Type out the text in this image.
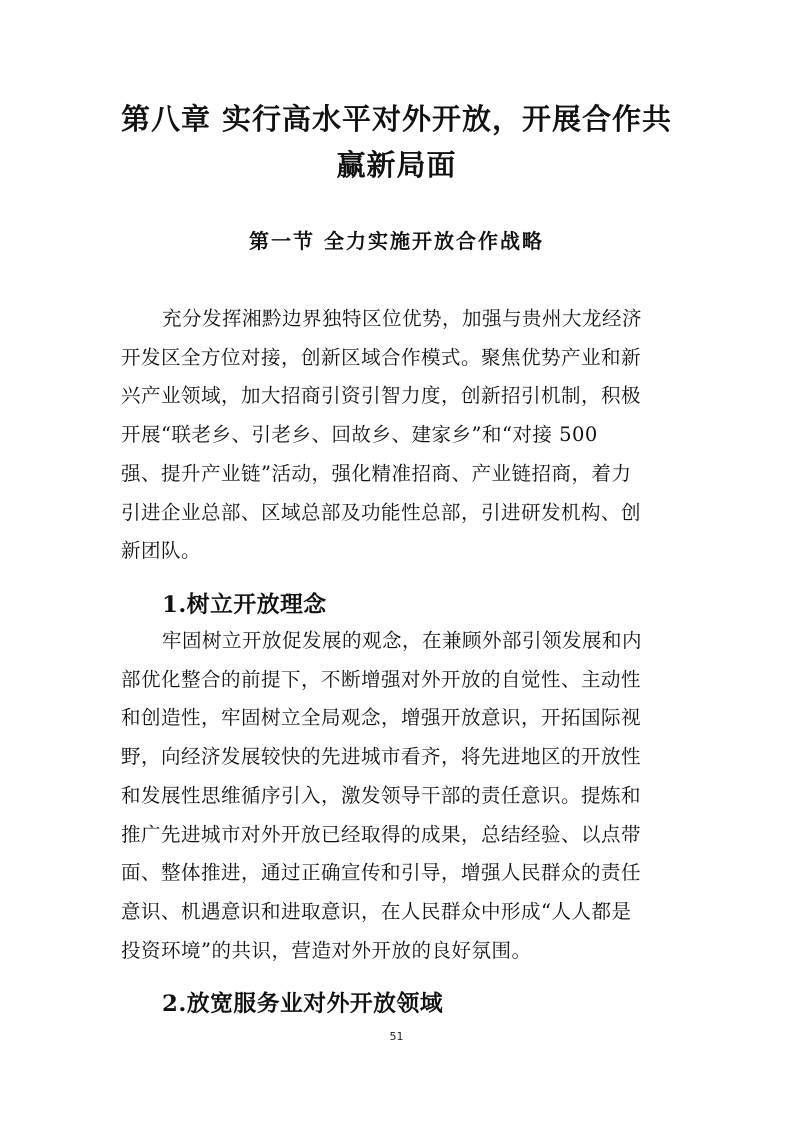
第八章 实行高水平对外开放，开展合作共
赢新局面
第一节 全力实施开放合作战略

充分发挥湘黔边界独特区位优势，加强与贵州大龙经济
开发区全方位对接，创新区域合作模式。聚焦优势产业和新
兴产业领域，加大招商引资引智力度，创新招引机制，积极
开展“联老乡、引老乡、回故乡、建家乡”和“对接 500
强、提升产业链”活动，强化精准招商、产业链招商，着力
引进企业总部、区域总部及功能性总部，引进研发机构、创
新团队。

1.树立开放理念

牢固树立开放促发展的观念，在兼顾外部引领发展和内
部优化整合的前提下，不断增强对外开放的自觉性、主动性
和创造性，牢固树立全局观念，增强开放意识，开拓国际视
野，向经济发展较快的先进城市看齐，将先进地区的开放性
和发展性思维循序引入，激发领导干部的责任意识。提炼和
推广先进城市对外开放已经取得的成果，总结经验、以点带
面、整体推进，通过正确宣传和引导，增强人民群众的责任
意识、机遇意识和进取意识，在人民群众中形成“人人都是
投资环境”的共识，营造对外开放的良好氛围。

2.放宽服务业对外开放领域
51
